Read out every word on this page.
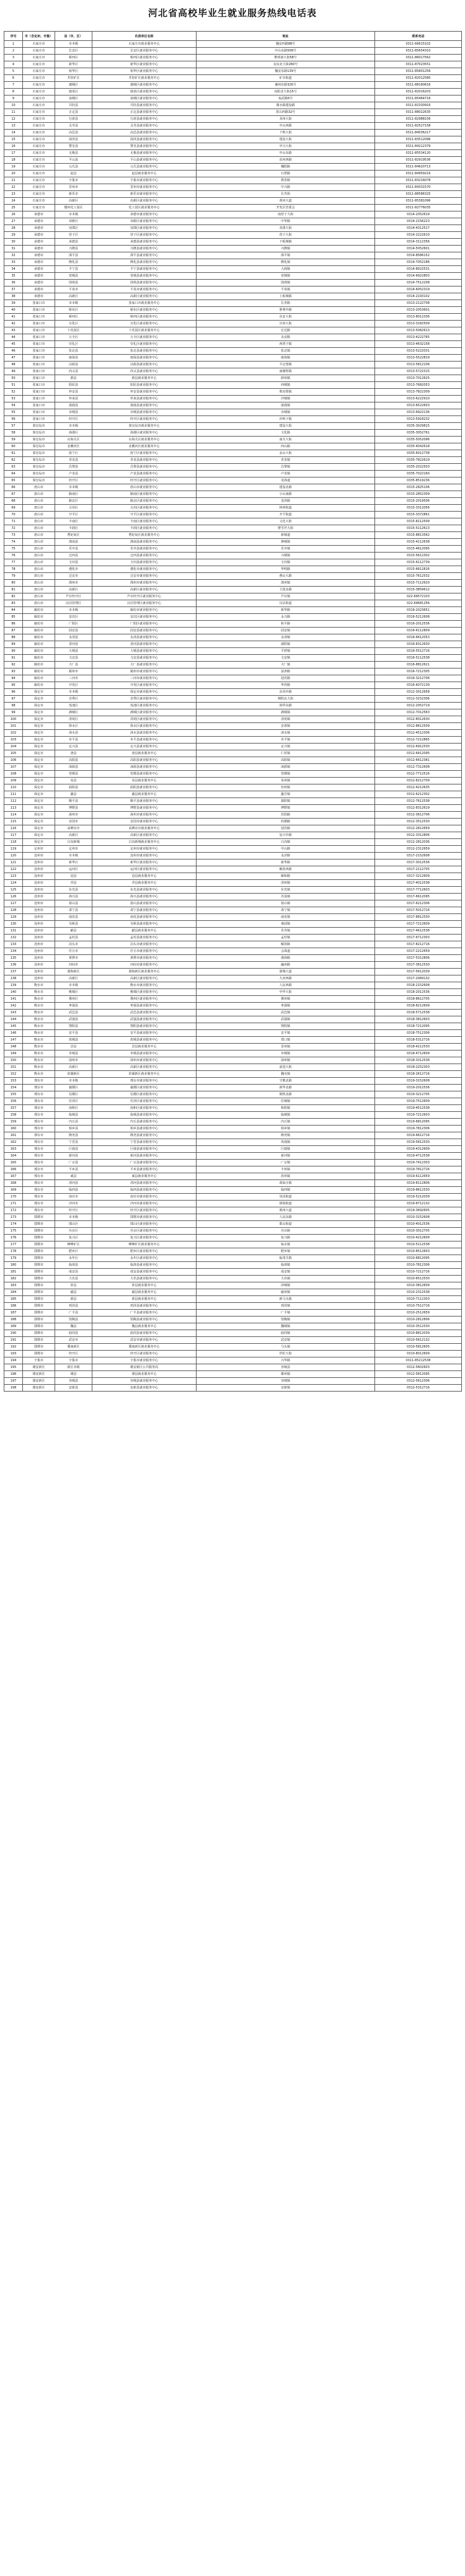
河北省高校毕业生就业服务热线电话表
序号	市（含定州、辛集）	县（市、区）	负责单位名称	地址	联系电话
1	石家庄市	市本级	石家庄市就业服务中心	槐安西路88号	0311-66615102
2	石家庄市	长安区	长安区就业服务中心	中山东路508号	0311-85654310
3	石家庄市	桥西区	桥西区就业服务中心	维明南大街58号	0311-86017562
4	石家庄市	新华区	新华区就业服务中心	友谊北大街260号	0311-87023551
5	石家庄市	裕华区	裕华区就业服务中心	槐安东路139号	0311-85801256
6	石家庄市	井陉矿区	井陉矿区就业服务中心	矿市街道	0311-82012580
7	石家庄市	藁城区	藁城区就业服务中心	廉州东路326号	0311-88180616
8	石家庄市	鹿泉区	鹿泉区就业服务中心	向阳北大街15号	0311-82016203
9	石家庄市	栾城区	栾城区就业服务中心	栾武路6号	0311-85464716
10	石家庄市	井陉县	井陉县就业服务中心	微水镇建设路	0311-82330916
11	石家庄市	正定县	正定县就业服务中心	常山西路32号	0311-88022635
12	石家庄市	行唐县	行唐县就业服务中心	龙州大街	0311-82988156
13	石家庄市	灵寿县	灵寿县就业服务中心	中山西路	0311-82527158
14	石家庄市	高邑县	高邑县就业服务中心	千秋大街	0311-84036217
15	石家庄市	深泽县	深泽县就业服务中心	建设大街	0311-83512096
16	石家庄市	赞皇县	赞皇县就业服务中心	中兴大街	0311-84212379
17	石家庄市	无极县	无极县就业服务中心	中山东路	0311-85534120
18	石家庄市	平山县	平山县就业服务中心	冶河西路	0311-82919536
19	石家庄市	元氏县	元氏县就业服务中心	槐阳路	0311-84620713
20	石家庄市	赵县	赵县就业服务中心	石塔路	0311-84959216
21	石家庄市	辛集市	辛集市就业服务中心	教育路	0311-83216078
22	石家庄市	晋州市	晋州市就业服务中心	中兴路	0311-84331570
23	石家庄市	新乐市	新乐市就业服务中心	长寿街	0311-88586325
24	石家庄市	高新区	高新区就业服务中心	黄河大道	0311-85381096
25	石家庄市	循环化工园区	化工园区就业服务中心	开发区管委会	0311-82776035
26	承德市	市本级	承德市就业服务中心	南营子大街	0314-2052619
27	承德市	双桥区	双桥区就业服务中心	中华路	0314-2156223
28	承德市	双滦区	双滦区就业服务中心	双滦大街	0314-4312517
29	承德市	营子区	营子区就业服务中心	营子大街	0314-2222610
30	承德市	承德县	承德县就业服务中心	下板城镇	0314-3112356
31	承德市	兴隆县	兴隆县就业服务中心	兴隆镇	0314-5052601
32	承德市	滦平县	滦平县就业服务中心	滦平镇	0314-8586152
33	承德市	隆化县	隆化县就业服务中心	隆化镇	0314-7052186
34	承德市	丰宁县	丰宁县就业服务中心	大阁镇	0314-8022531
35	承德市	宽城县	宽城县就业服务中心	宽城镇	0314-6922803
36	承德市	围场县	围场县就业服务中心	围场镇	0314-7512208
37	承德市	平泉市	平泉市就业服务中心	平泉镇	0314-6052319
38	承德市	高新区	高新区就业服务中心	上板城镇	0314-2193102
39	张家口市	市本级	张家口市就业服务中心	长青路	0313-2122708
40	张家口市	桥东区	桥东区就业服务中心	胜利中路	0313-2053601
41	张家口市	桥西区	桥西区就业服务中心	东安大街	0313-8012336
42	张家口市	宣化区	宣化区就业服务中心	宣府大街	0313-3182509
43	张家口市	下花园区	下花园区就业服务中心	宏达路	0313-5082613
44	张家口市	万全区	万全区就业服务中心	永安路	0313-4222765
45	张家口市	崇礼区	崇礼区就业服务中心	西湾子镇	0313-4632158
46	张家口市	张北县	张北县就业服务中心	张北镇	0313-5222031
47	张家口市	康保县	康保县就业服务中心	康保镇	0313-5522819
48	张家口市	沽源县	沽源县就业服务中心	平定堡镇	0313-5812106
49	张家口市	尚义县	尚义县就业服务中心	南壕堑镇	0313-5722315
50	张家口市	蔚县	蔚县就业服务中心	蔚州镇	0313-7012625
51	张家口市	阳原县	阳原县就业服务中心	西城镇	0313-7682053
52	张家口市	怀安县	怀安县就业服务中心	柴沟堡镇	0313-7822309
53	张家口市	怀来县	怀来县就业服务中心	沙城镇	0313-6222910
54	张家口市	涿鹿县	涿鹿县就业服务中心	涿鹿镇	0313-6522603
55	张家口市	赤城县	赤城县就业服务中心	赤城镇	0313-6922136
56	张家口市	经开区	经开区就业服务中心	沙岭子镇	0313-5918232
57	秦皇岛市	市本级	秦皇岛市就业服务中心	建设大街	0335-3029815
58	秦皇岛市	海港区	海港区就业服务中心	文化路	0335-3052761
59	秦皇岛市	山海关区	山海关区就业服务中心	南关大街	0335-5052096
60	秦皇岛市	北戴河区	北戴河区就业服务中心	西山路	0335-4042618
61	秦皇岛市	抚宁区	抚宁区就业服务中心	金山大街	0335-6012738
62	秦皇岛市	青龙县	青龙县就业服务中心	青龙镇	0335-7822619
63	秦皇岛市	昌黎县	昌黎县就业服务中心	昌黎镇	0335-2022503
64	秦皇岛市	卢龙县	卢龙县就业服务中心	卢龙镇	0335-7022160
65	秦皇岛市	经开区	经开区就业服务中心	龙海道	0335-8519236
66	唐山市	市本级	唐山市就业服务中心	建设北路	0315-2825106
67	唐山市	路南区	路南区就业服务中心	小山南路	0315-2852309
68	唐山市	路北区	路北区就业服务中心	龙泽路	0315-2019506
69	唐山市	古冶区	古冶区就业服务中心	林西街道	0315-3312056
70	唐山市	开平区	开平区就业服务中心	开平街道	0315-3372861
71	唐山市	丰南区	丰南区就业服务中心	文化大街	0315-8112509
72	唐山市	丰润区	丰润区就业服务中心	曹雪芹大街	0315-5112613
73	唐山市	曹妃甸区	曹妃甸区就业服务中心	新城道	0315-8813562
74	唐山市	滦南县	滦南县就业服务中心	倴城镇	0315-4112638
75	唐山市	乐亭县	乐亭县就业服务中心	乐亭镇	0315-4612095
76	唐山市	迁西县	迁西县就业服务中心	兴城镇	0315-5612302
77	唐山市	玉田县	玉田县就业服务中心	玉田镇	0315-6112739
78	唐山市	遵化市	遵化市就业服务中心	华明路	0315-6612816
79	唐山市	迁安市	迁安市就业服务中心	燕山大路	0315-7612532
80	唐山市	滦州市	滦州市就业服务中心	滦州镇	0315-7112620
81	唐山市	高新区	高新区就业服务中心	卫国北路	0315-3859612
82	唐山市	芦台经开区	芦台经开区就业服务中心	芦台镇	022-69572103
83	唐山市	汉沽管理区	汉沽管理区就业服务中心	汉沽街道	022-69681256
84	廊坊市	市本级	廊坊市就业服务中心	新华路	0316-2023651
85	廊坊市	安次区	安次区就业服务中心	永兴路	0316-5212608
86	廊坊市	广阳区	广阳区就业服务中心	和平路	0316-2012536
87	廊坊市	固安县	固安县就业服务中心	固安镇	0316-6112809
88	廊坊市	永清县	永清县就业服务中心	永清镇	0316-6612053
89	廊坊市	香河县	香河县就业服务中心	淑阳镇	0316-8312630
90	廊坊市	大城县	大城县就业服务中心	平舒镇	0316-5512716
91	廊坊市	文安县	文安县就业服务中心	文安镇	0316-5112538
92	廊坊市	大厂县	大厂县就业服务中心	大厂镇	0316-8812621
93	廊坊市	霸州市	霸州市就业服务中心	益津路	0316-7212305
94	廊坊市	三河市	三河市就业服务中心	迎宾路	0316-3212706
95	廊坊市	开发区	开发区就业服务中心	华祥路	0316-6072139
96	保定市	市本级	保定市就业服务中心	东风中路	0312-3012658
97	保定市	竞秀区	竞秀区就业服务中心	朝阳北大街	0312-3152306
98	保定市	莲池区	莲池区就业服务中心	裕华东路	0312-2052719
99	保定市	满城区	满城区就业服务中心	满城镇	0312-7012563
100	保定市	清苑区	清苑区就业服务中心	清苑镇	0312-8012630
101	保定市	徐水区	徐水区就业服务中心	安肃镇	0312-8612509
102	保定市	涞水县	涞水县就业服务中心	涞水镇	0312-4512306
103	保定市	阜平县	阜平县就业服务中心	阜平镇	0312-7212865
104	保定市	定兴县	定兴县就业服务中心	定兴镇	0312-6912530
105	保定市	唐县	唐县就业服务中心	仁厚镇	0312-6412095
106	保定市	高阳县	高阳县就业服务中心	高阳镇	0312-6612381
107	保定市	涞源县	涞源县就业服务中心	涞源镇	0312-7312608
108	保定市	望都县	望都县就业服务中心	望都镇	0312-7712516
109	保定市	易县	易县就业服务中心	易州镇	0312-8212709
110	保定市	曲阳县	曲阳县就业服务中心	恒州镇	0312-4212635
111	保定市	蠡县	蠡县就业服务中心	蠡吾镇	0312-6212302
112	保定市	顺平县	顺平县就业服务中心	蒲阳镇	0312-7612538
113	保定市	博野县	博野县就业服务中心	博野镇	0312-8312619
114	保定市	涿州市	涿州市就业服务中心	范阳路	0312-3612706
115	保定市	安国市	安国市就业服务中心	药都路	0312-3512530
116	保定市	高碑店市	高碑店市就业服务中心	迎宾路	0312-2812659
117	保定市	高新区	高新区就业服务中心	复兴中路	0312-3312806
118	保定市	白沟新城	白沟新城就业服务中心	白沟镇	0312-2812036
119	定州市	定州市	定州市就业服务中心	中山路	0312-2312659
120	沧州市	市本级	沧州市就业服务中心	永济路	0317-2152608
121	沧州市	新华区	新华区就业服务中心	新华路	0317-3012536
122	沧州市	运河区	运河区就业服务中心	解放西路	0317-2112705
123	沧州市	沧县	沧县就业服务中心	颐和路	0317-3212609
124	沧州市	青县	青县就业服务中心	清州镇	0317-4012538
125	沧州市	东光县	东光县就业服务中心	东光镇	0317-7712603
126	沧州市	海兴县	海兴县就业服务中心	苏基镇	0317-6612095
127	沧州市	盐山县	盐山县就业服务中心	盐山镇	0317-6212306
128	沧州市	肃宁县	肃宁县就业服务中心	肃宁镇	0317-5012716
129	沧州市	南皮县	南皮县就业服务中心	南皮镇	0317-8812530
130	沧州市	吴桥县	吴桥县就业服务中心	桑园镇	0317-7212609
131	沧州市	献县	献县就业服务中心	乐寿镇	0317-4612538
132	沧州市	孟村县	孟村县就业服务中心	孟村镇	0317-6712303
133	沧州市	泊头市	泊头市就业服务中心	解放路	0317-8212716
134	沧州市	任丘市	任丘市就业服务中心	会战道	0317-2212659
135	沧州市	黄骅市	黄骅市就业服务中心	渤海路	0317-5312806
136	沧州市	河间市	河间市就业服务中心	瀛州路	0317-3612530
137	沧州市	渤海新区	渤海新区就业服务中心	港城大道	0317-5612039
138	沧州市	高新区	高新区就业服务中心	九河西路	0317-2069132
139	衡水市	市本级	衡水市就业服务中心	人民西路	0318-2152608
140	衡水市	桃城区	桃城区就业服务中心	中华大街	0318-2012536
141	衡水市	冀州区	冀州区就业服务中心	冀州镇	0318-8612705
142	衡水市	枣强县	枣强县就业服务中心	枣强镇	0318-8212609
143	衡水市	武邑县	武邑县就业服务中心	武邑镇	0318-5712538
144	衡水市	武强县	武强县就业服务中心	武强镇	0318-3812603
145	衡水市	饶阳县	饶阳县就业服务中心	饶阳镇	0318-7212095
146	衡水市	安平县	安平县就业服务中心	安平镇	0318-7512306
147	衡水市	故城县	故城县就业服务中心	郑口镇	0318-5312716
148	衡水市	景县	景县就业服务中心	景州镇	0318-4212530
149	衡水市	阜城县	阜城县就业服务中心	阜城镇	0318-4712609
150	衡水市	深州市	深州市就业服务中心	深州镇	0318-3312538
151	衡水市	高新区	高新区就业服务中心	前进大街	0318-2252303
152	衡水市	滨湖新区	滨湖新区就业服务中心	魏屯镇	0318-2612716
153	邢台市	市本级	邢台市就业服务中心	守敬北路	0319-3152608
154	邢台市	襄都区	襄都区就业服务中心	新华北路	0319-2012536
155	邢台市	信都区	信都区就业服务中心	钢铁北路	0319-3212705
156	邢台市	任泽区	任泽区就业服务中心	任城镇	0319-7512609
157	邢台市	南和区	南和区就业服务中心	和阳镇	0319-4512538
158	邢台市	临城县	临城县就业服务中心	临城镇	0319-7212603
159	邢台市	内丘县	内丘县就业服务中心	内丘镇	0319-6812095
160	邢台市	柏乡县	柏乡县就业服务中心	柏乡镇	0319-7812306
161	邢台市	隆尧县	隆尧县就业服务中心	隆尧镇	0319-6612716
162	邢台市	宁晋县	宁晋县就业服务中心	凤凰镇	0319-5812530
163	邢台市	巨鹿县	巨鹿县就业服务中心	巨鹿镇	0319-4312609
164	邢台市	新河县	新河县就业服务中心	新河镇	0319-4712538
165	邢台市	广宗县	广宗县就业服务中心	广宗镇	0319-7412303
166	邢台市	平乡县	平乡县就业服务中心	丰州镇	0319-7812716
167	邢台市	威县	威县就业服务中心	洺州镇	0319-6112659
168	邢台市	清河县	清河县就业服务中心	葛仙庄镇	0319-8112806
169	邢台市	临西县	临西县就业服务中心	临西镇	0319-8612530
170	邢台市	南宫市	南宫市就业服务中心	凤岗街道	0319-5212039
171	邢台市	沙河市	沙河市就业服务中心	褡裢街道	0319-8712132
172	邢台市	经开区	经开区就业服务中心	邢州大道	0319-3692605
173	邯郸市	市本级	邯郸市就业服务中心	人民东路	0310-3152608
174	邯郸市	邯山区	邯山区就业服务中心	邯山街道	0310-4012536
175	邯郸市	丛台区	丛台区就业服务中心	丛台路	0310-3012705
176	邯郸市	复兴区	复兴区就业服务中心	复兴路	0310-4212609
177	邯郸市	峰峰矿区	峰峰矿区就业服务中心	临水镇	0310-5112538
178	邯郸市	肥乡区	肥乡区就业服务中心	肥乡镇	0310-8512603
179	邯郸市	永年区	永年区就业服务中心	临洺关镇	0310-6812095
180	邯郸市	临漳县	临漳县就业服务中心	临漳镇	0310-7812306
181	邯郸市	成安县	成安县就业服务中心	成安镇	0310-7212716
182	邯郸市	大名县	大名县就业服务中心	大名镇	0310-6512530
183	邯郸市	涉县	涉县就业服务中心	涉城镇	0310-3812609
184	邯郸市	磁县	磁县就业服务中心	磁州镇	0310-2312538
185	邯郸市	邱县	邱县就业服务中心	新马头镇	0310-7112303
186	邯郸市	鸡泽县	鸡泽县就业服务中心	鸡泽镇	0310-7512716
187	邯郸市	广平县	广平县就业服务中心	广平镇	0310-2512659
188	邯郸市	馆陶县	馆陶县就业服务中心	馆陶镇	0310-2812806
189	邯郸市	魏县	魏县就业服务中心	魏城镇	0310-3512530
190	邯郸市	曲周县	曲周县就业服务中心	曲周镇	0310-8812039
191	邯郸市	武安市	武安市就业服务中心	武安镇	0310-5612132
192	邯郸市	冀南新区	冀南新区就业服务中心	马头镇	0310-5812605
193	邯郸市	经开区	经开区就业服务中心	世纪大街	0310-8012609
194	辛集市	辛集市	辛集市就业服务中心	兴华路	0311-85212538
195	雄安新区	新区本级	雄安新区公共服务局	容城县	0312-5602603
196	雄安新区	雄县	雄县就业服务中心	雄州镇	0312-5812095
197	雄安新区	容城县	容城县就业服务中心	容城镇	0312-5612306
198	雄安新区	安新县	安新县就业服务中心	安新镇	0312-5312716
